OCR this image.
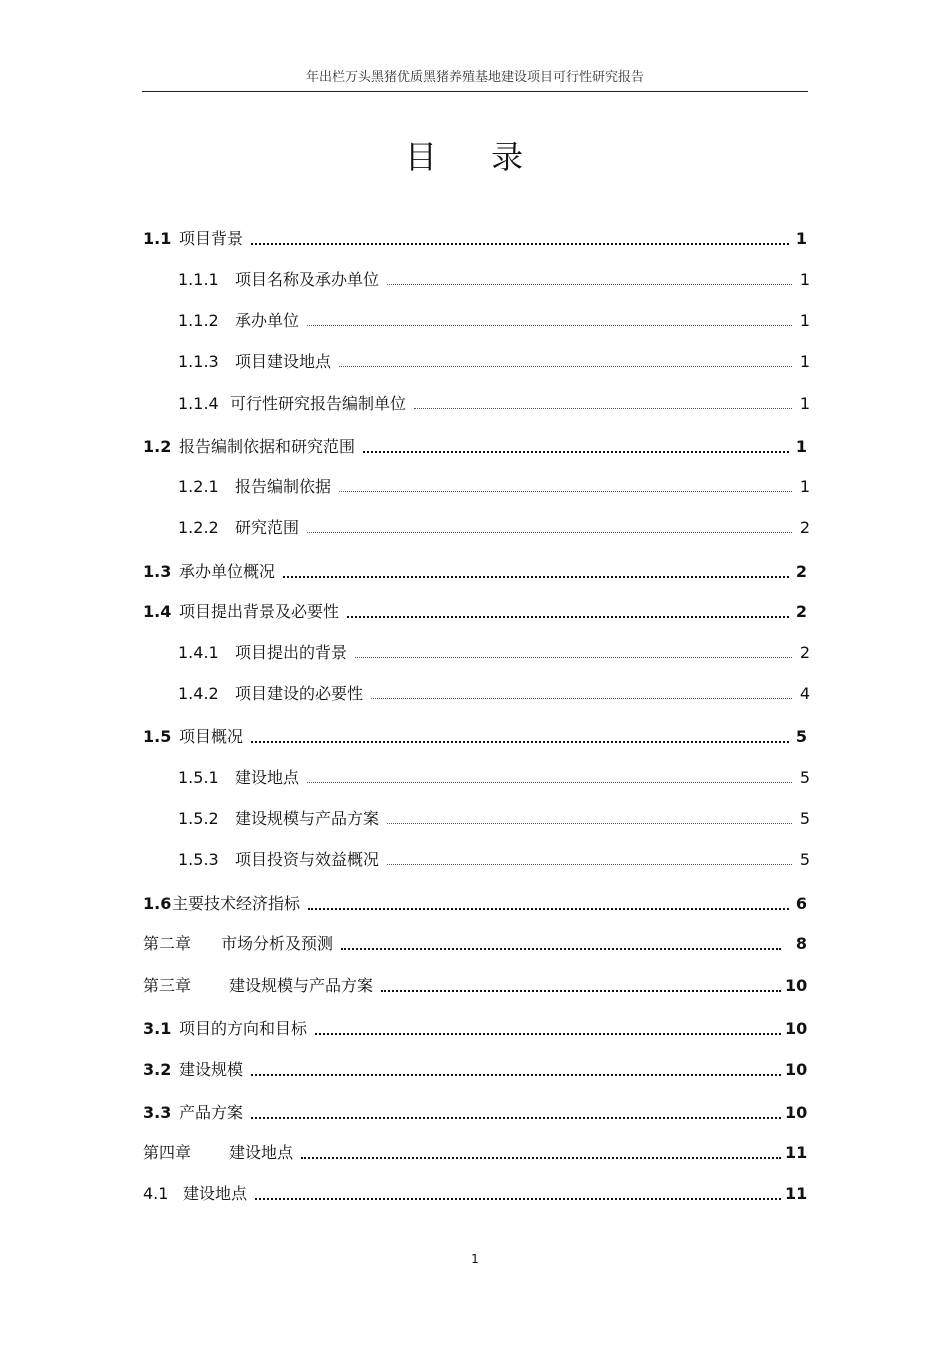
年出栏万头黑猪优质黑猪养殖基地建设项目可行性研究报告
目 录
1.1 项目背景	1
1.1.1	项目名称及承办单位	1
1.1.2	承办单位	1
1.1.3	项目建设地点	1
1.1.4 可行性研究报告编制单位	1
1.2 报告编制依据和研究范围	1
1.2.1	报告编制依据	1
1.2.2	研究范围	2
1.3 承办单位概况	2
1.4 项目提出背景及必要性	2
1.4.1	项目提出的背景	2
1.4.2	项目建设的必要性	4
1.5 项目概况	5
1.5.1	建设地点	5
1.5.2	建设规模与产品方案	5
1.5.3	项目投资与效益概况	5
1.6 主要技术经济指标	6
第二章	市场分析及预测	8
第三章	建设规模与产品方案	10
3.1 项目的方向和目标	10
3.2 建设规模	10
3.3 产品方案	10
第四章	建设地点	11
4.1 建设地点	11
1
